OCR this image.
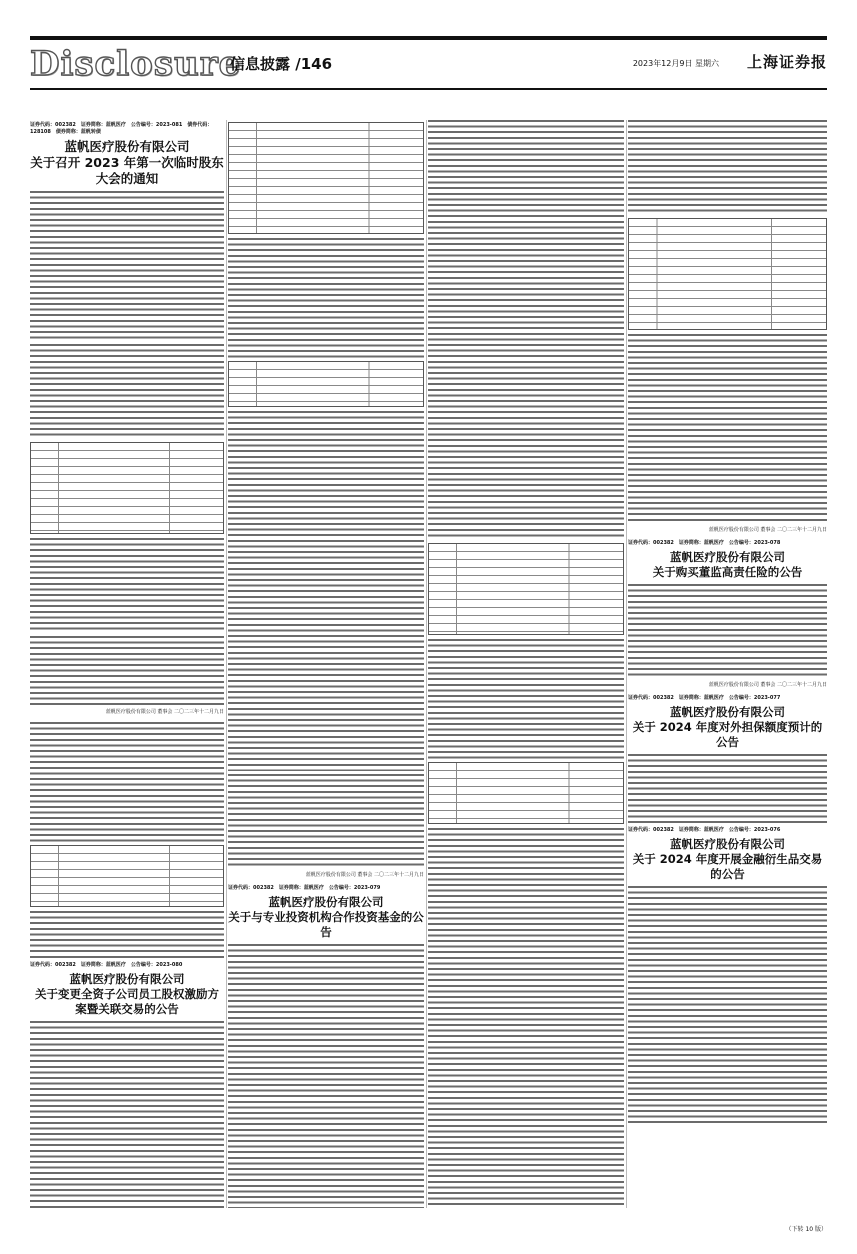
Disclosure
信息披露 /146	2023年12月9日 星期六 上海证券报
证券代码：002382　证券简称：蓝帆医疗　公告编号：2023-081　债券代码：128108　债券简称：蓝帆转债
蓝帆医疗股份有限公司
关于召开 2023 年第一次临时股东大会的通知
蓝帆医疗股份有限公司 董事会 二〇二三年十二月九日
证券代码：002382　证券简称：蓝帆医疗　公告编号：2023-080
蓝帆医疗股份有限公司
关于变更全资子公司员工股权激励方案暨关联交易的公告
蓝帆医疗股份有限公司 董事会 二〇二三年十二月九日
证券代码：002382　证券简称：蓝帆医疗　公告编号：2023-079
蓝帆医疗股份有限公司
关于与专业投资机构合作投资基金的公告
蓝帆医疗股份有限公司 董事会 二〇二三年十二月九日
证券代码：002382　证券简称：蓝帆医疗　公告编号：2023-078
蓝帆医疗股份有限公司
关于购买董监高责任险的公告
蓝帆医疗股份有限公司 董事会 二〇二三年十二月九日
证券代码：002382　证券简称：蓝帆医疗　公告编号：2023-077
蓝帆医疗股份有限公司
关于 2024 年度对外担保额度预计的公告
证券代码：002382　证券简称：蓝帆医疗　公告编号：2023-076
蓝帆医疗股份有限公司
关于 2024 年度开展金融衍生品交易的公告
（下转 10 版）
